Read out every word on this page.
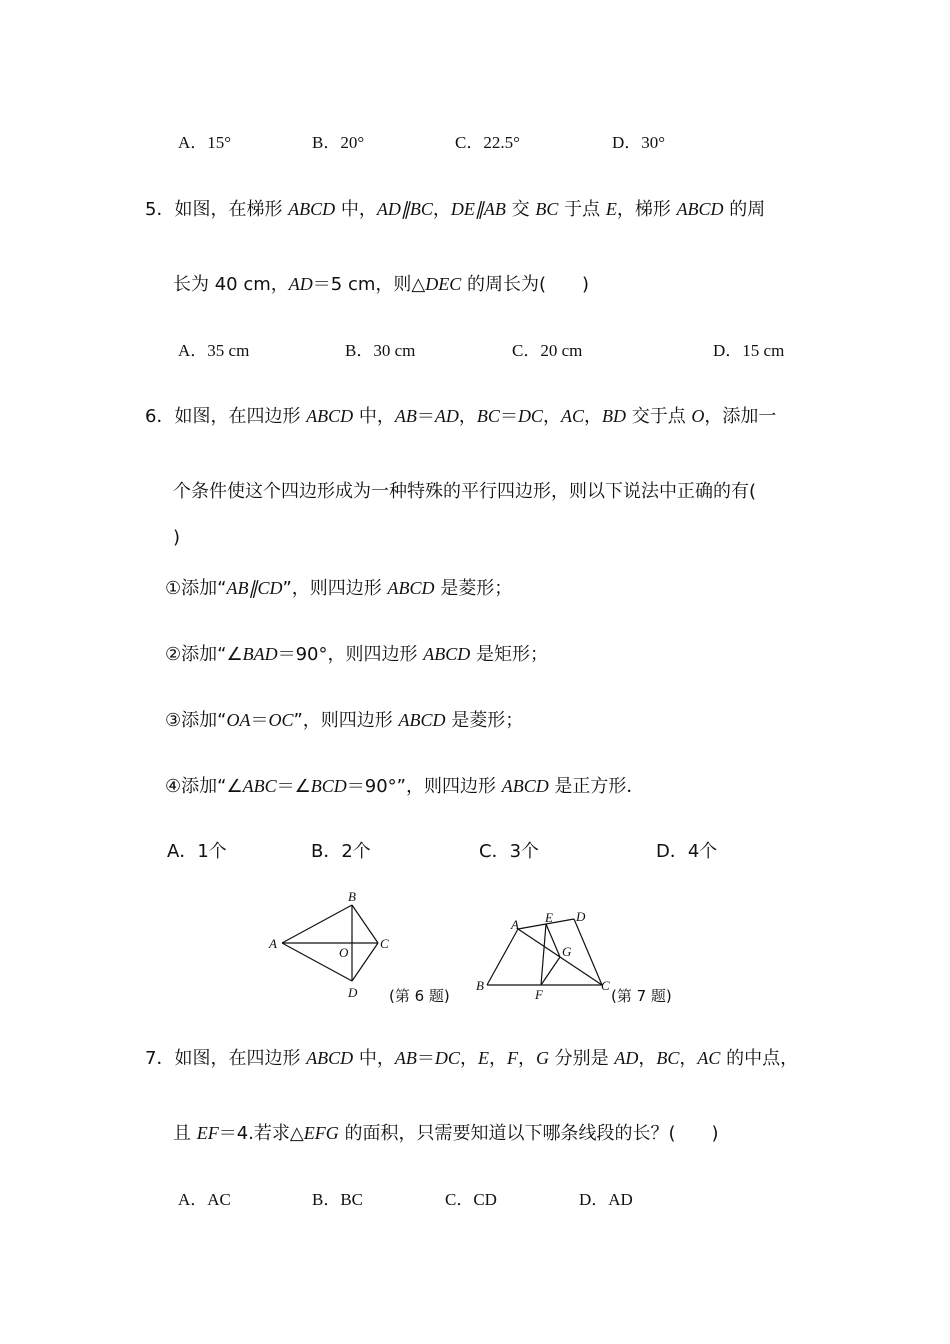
A．15°	B．20°	C．22.5°	D．30°
5．如图，在梯形 ABCD 中，AD∥BC，DE∥AB 交 BC 于点 E，梯形 ABCD 的周
长为 40 cm，AD＝5 cm，则△DEC 的周长为(　　)
A．35 cm	B．30 cm	C．20 cm	D．15 cm
6．如图，在四边形 ABCD 中，AB＝AD，BC＝DC，AC，BD 交于点 O，添加一
个条件使这个四边形成为一种特殊的平行四边形，则以下说法中正确的有(
)
①添加“AB∥CD”，则四边形 ABCD 是菱形；
②添加“∠BAD＝90°，则四边形 ABCD 是矩形；
③添加“OA＝OC”，则四边形 ABCD 是菱形；
④添加“∠ABC＝∠BCD＝90°”，则四边形 ABCD 是正方形．
A．1个	B．2个	C．3个	D．4个
A
B
C
D
O
(第 6 题)
A
B	C
D
E
F
G
(第 7 题)
7．如图，在四边形 ABCD 中，AB＝DC，E，F，G 分别是 AD，BC，AC 的中点，
且 EF＝4.若求△EFG 的面积，只需要知道以下哪条线段的长？(　　)
A．AC	B．BC	C．CD	D．AD
